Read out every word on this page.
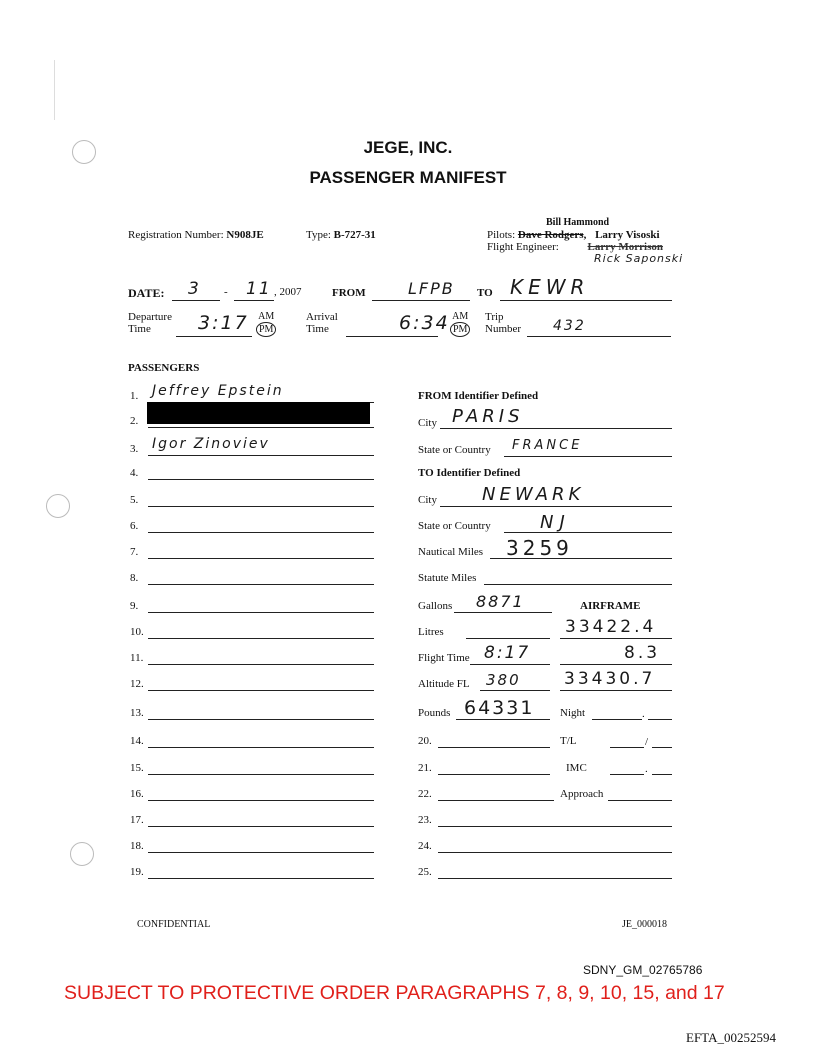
JEGE, INC.
PASSENGER MANIFEST
Registration Number: N908JE	Type: B-727-31
Bill Hammond
Pilots: Dave Rodgers, Larry Visoski
Flight Engineer:	Larry Morrison
Rick Saponski
DATE: 3 - 11 , 2007	FROM	LFPB TO KEWR
Departure
Time	3:17 AM
PM
Arrival
Time	6:34 AM
PM
Trip
Number 432
PASSENGERS
1. Jeffrey Epstein
2.
3. Igor Zinoviev
4.
5.
6.
7.
8.
9.
10.
11.
12.
13.
14.
15.
16.
17.
18.
19.
FROM Identifier Defined
City PARIS
State or Country FRANCE
TO Identifier Defined
City	NEWARK
State or Country	NJ
Nautical Miles 3259
Statute Miles
Gallons 8871	AIRFRAME
Litres	33422.4
Flight Time 8:17	8.3
Altitude FL 380	33430.7
Pounds 64331 Night	.
20.	T/L	/
21.	IMC	.
22.	Approach
23.
24.
25.
CONFIDENTIAL	JE_000018
SDNY_GM_02765786
SUBJECT TO PROTECTIVE ORDER PARAGRAPHS 7, 8, 9, 10, 15, and 17
EFTA_00252594
